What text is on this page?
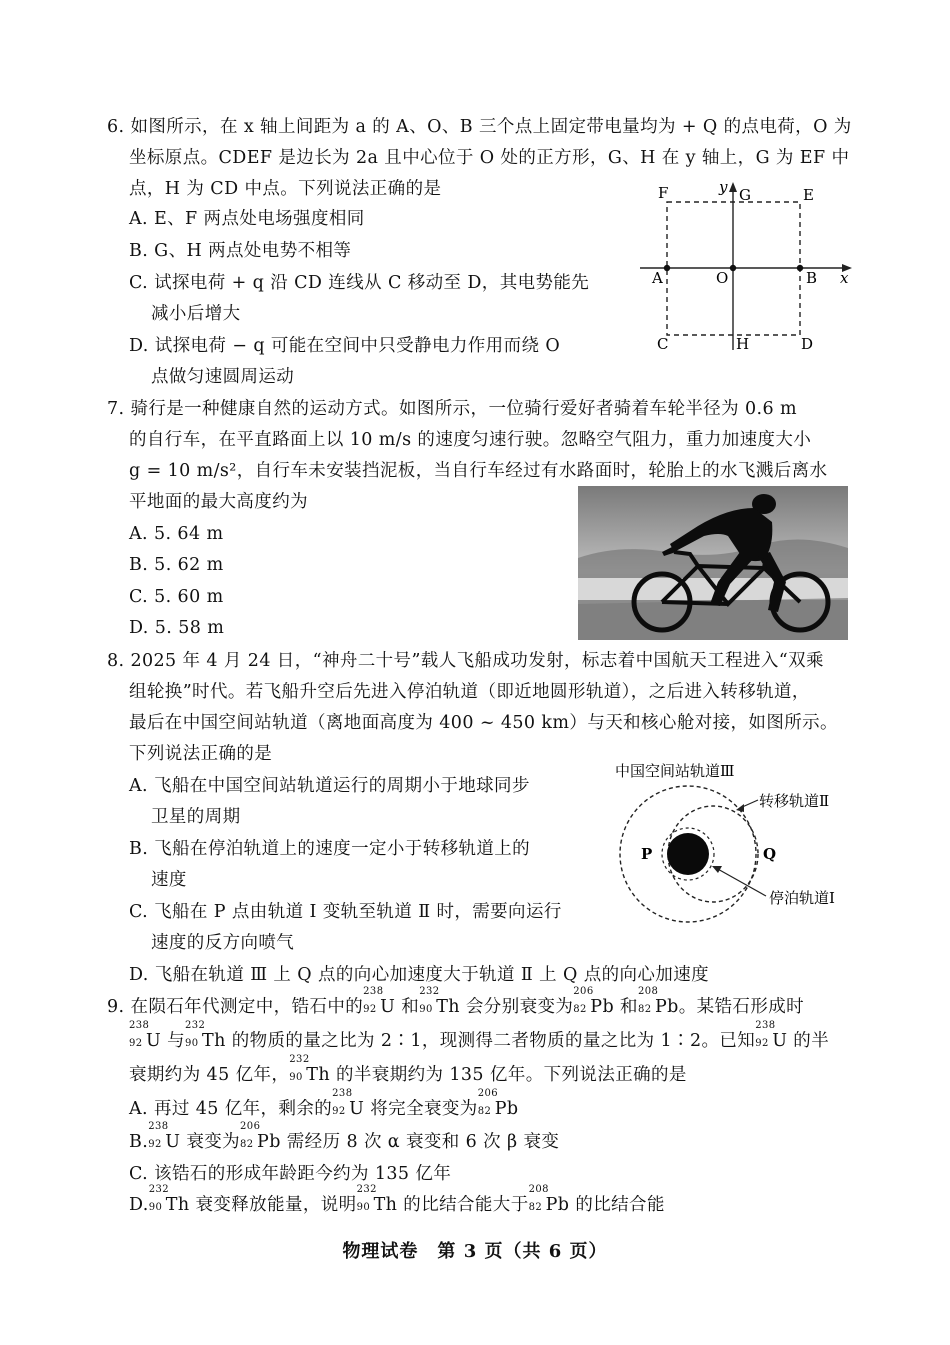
6. 如图所示，在 x 轴上间距为 a 的 A、O、B 三个点上固定带电量均为 + Q 的点电荷，O 为
坐标原点。CDEF 是边长为 2a 且中心位于 O 处的正方形，G、H 在 y 轴上，G 为 EF 中
点，H 为 CD 中点。下列说法正确的是
A. E、F 两点处电场强度相同
B. G、H 两点处电势不相等
C. 试探电荷 + q 沿 CD 连线从 C 移动至 D，其电势能先
减小后增大
D. 试探电荷 − q 可能在空间中只受静电力作用而绕 O
点做匀速圆周运动
F	y G	E
A	O	B x
C	H	D
7. 骑行是一种健康自然的运动方式。如图所示，一位骑行爱好者骑着车轮半径为 0.6 m
的自行车，在平直路面上以 10 m/s 的速度匀速行驶。忽略空气阻力，重力加速度大小
g = 10 m/s²，自行车未安装挡泥板，当自行车经过有水路面时，轮胎上的水飞溅后离水
平地面的最大高度约为
A. 5. 64 m
B. 5. 62 m
C. 5. 60 m
D. 5. 58 m
8. 2025 年 4 月 24 日，“神舟二十号”载人飞船成功发射，标志着中国航天工程进入“双乘
组轮换”时代。若飞船升空后先进入停泊轨道（即近地圆形轨道），之后进入转移轨道，
最后在中国空间站轨道（离地面高度为 400 ~ 450 km）与天和核心舱对接，如图所示。
下列说法正确的是
A. 飞船在中国空间站轨道运行的周期小于地球同步
卫星的周期
B. 飞船在停泊轨道上的速度一定小于转移轨道上的
速度
C. 飞船在 P 点由轨道 Ⅰ 变轨至轨道 Ⅱ 时，需要向运行
速度的反方向喷气
D. 飞船在轨道 Ⅲ 上 Q 点的向心加速度大于轨道 Ⅱ 上 Q 点的向心加速度
中国空间站轨道Ⅲ
转移轨道Ⅱ
停泊轨道Ⅰ
P	Q
9. 在陨石年代测定中，锆石中的
238
92 U 和
232
90 Th 会分别衰变为
206
82 Pb 和
208
82 Pb。某锆石形成时
238
92 U 与
232
90 Th 的物质的量之比为 2∶1，现测得二者物质的量之比为 1∶2。已知
238
92 U 的半
衰期约为 45 亿年，
232
90 Th 的半衰期约为 135 亿年。下列说法正确的是
A. 再过 45 亿年，剩余的
238
92 U 将完全衰变为
206
82 Pb
B.
238
92 U 衰变为
206
82 Pb 需经历 8 次 α 衰变和 6 次 β 衰变
C. 该锆石的形成年龄距今约为 135 亿年
D.
232
90 Th 衰变释放能量，说明
232
90 Th 的比结合能大于
208
82 Pb 的比结合能
物理试卷　第 3 页（共 6 页）
